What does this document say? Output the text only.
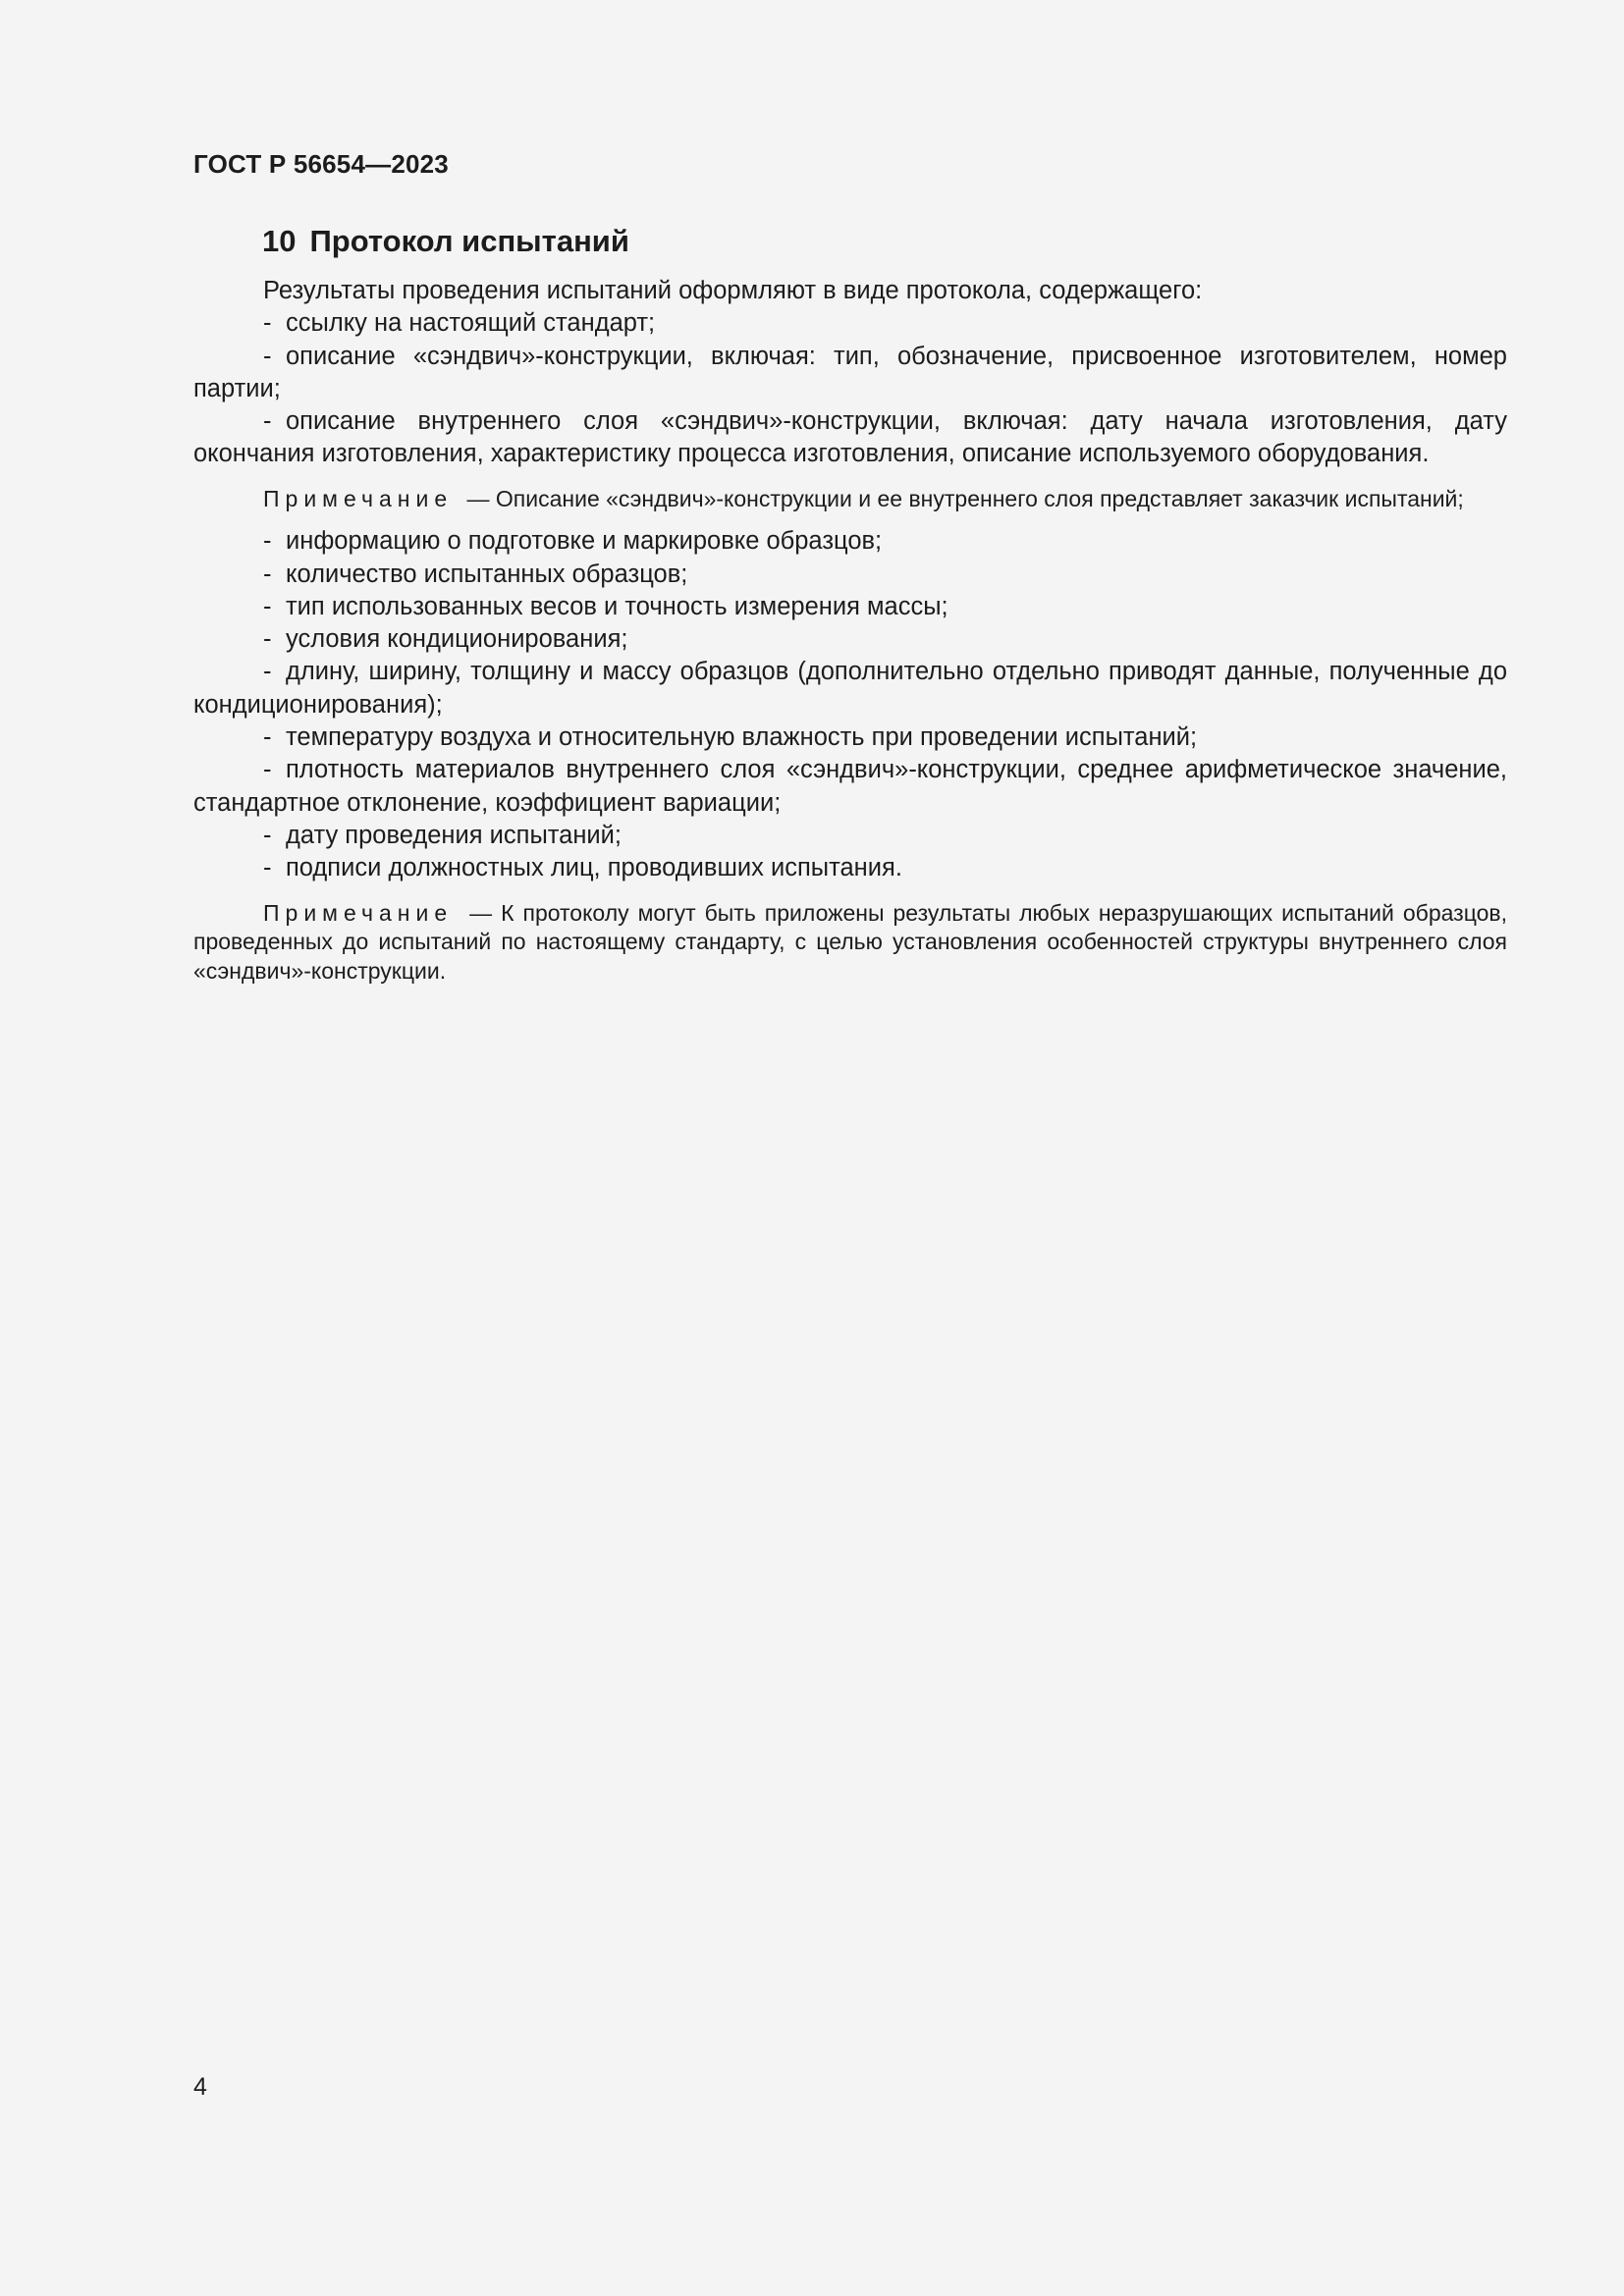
ГОСТ Р 56654—2023
10 Протокол испытаний

Результаты проведения испытаний оформляют в виде протокола, содержащего:

- ссылку на настоящий стандарт;
- описание «сэндвич»-конструкции, включая: тип, обозначение, присвоенное изготовителем, номер партии;
- описание внутреннего слоя «сэндвич»-конструкции, включая: дату начала изготовления, дату окончания изготовления, характеристику процесса изготовления, описание используемого оборудования.

Примечание — Описание «сэндвич»-конструкции и ее внутреннего слоя представляет заказчик испытаний;

- информацию о подготовке и маркировке образцов;
- количество испытанных образцов;
- тип использованных весов и точность измерения массы;
- условия кондиционирования;
- длину, ширину, толщину и массу образцов (дополнительно отдельно приводят данные, полученные до кондиционирования);
- температуру воздуха и относительную влажность при проведении испытаний;
- плотность материалов внутреннего слоя «сэндвич»-конструкции, среднее арифметическое значение, стандартное отклонение, коэффициент вариации;
- дату проведения испытаний;
- подписи должностных лиц, проводивших испытания.

Примечание — К протоколу могут быть приложены результаты любых неразрушающих испытаний образцов, проведенных до испытаний по настоящему стандарту, с целью установления особенностей структуры внутреннего слоя «сэндвич»-конструкции.

4
